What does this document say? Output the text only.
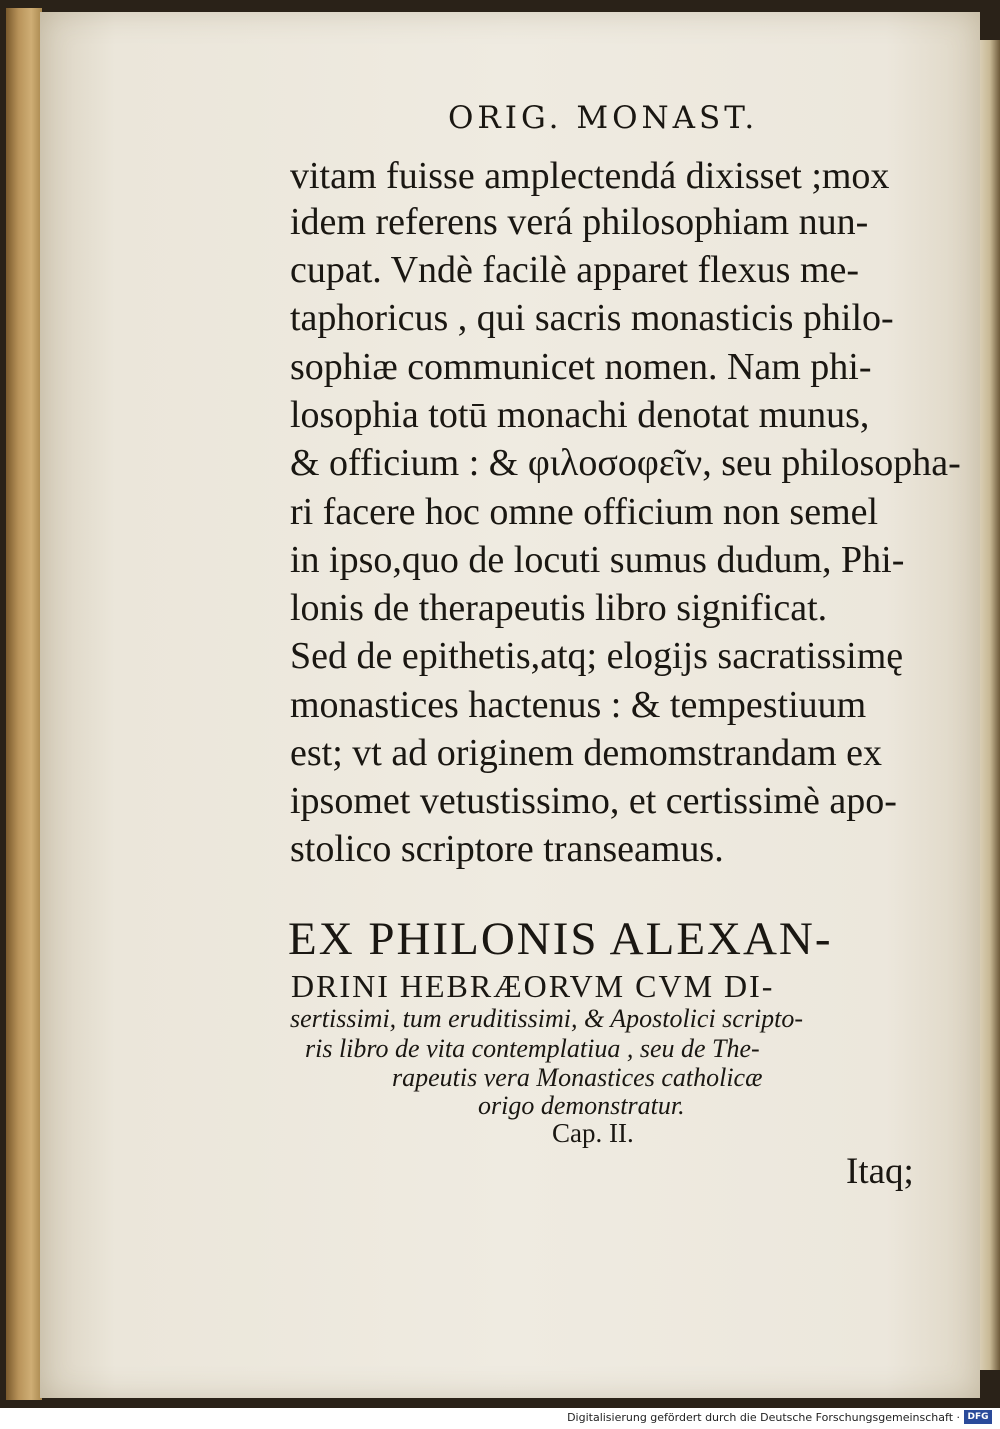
ORIG. MONAST.
vitam fuisse amplectendá dixisset ;mox
idem referens verá philosophiam nun-
cupat. Vndè facilè apparet flexus me-
taphoricus , qui sacris monasticis philo-
sophiæ communicet nomen. Nam phi-
losophia totū monachi denotat munus,
& officium : & φιλοσοφεῖν, seu philosopha-
ri facere hoc omne officium non semel
in ipso,quo de locuti sumus dudum, Phi-
lonis de therapeutis libro significat.
Sed de epithetis,atq; elogijs sacratissimę
monastices hactenus : & tempestiuum
est; vt ad originem demomstrandam ex
ipsomet vetustissimo, et certissimè apo-
stolico scriptore transeamus.
EX PHILONIS ALEXAN-
DRINI HEBRÆORVM CVM DI-
sertissimi, tum eruditissimi, & Apostolici scripto-
ris libro de vita contemplatiua , seu de The-
rapeutis vera Monastices catholicæ
origo demonstratur.
Cap. II.
Itaq;
Digitalisierung gefördert durch die Deutsche Forschungsgemeinschaft · DFG
